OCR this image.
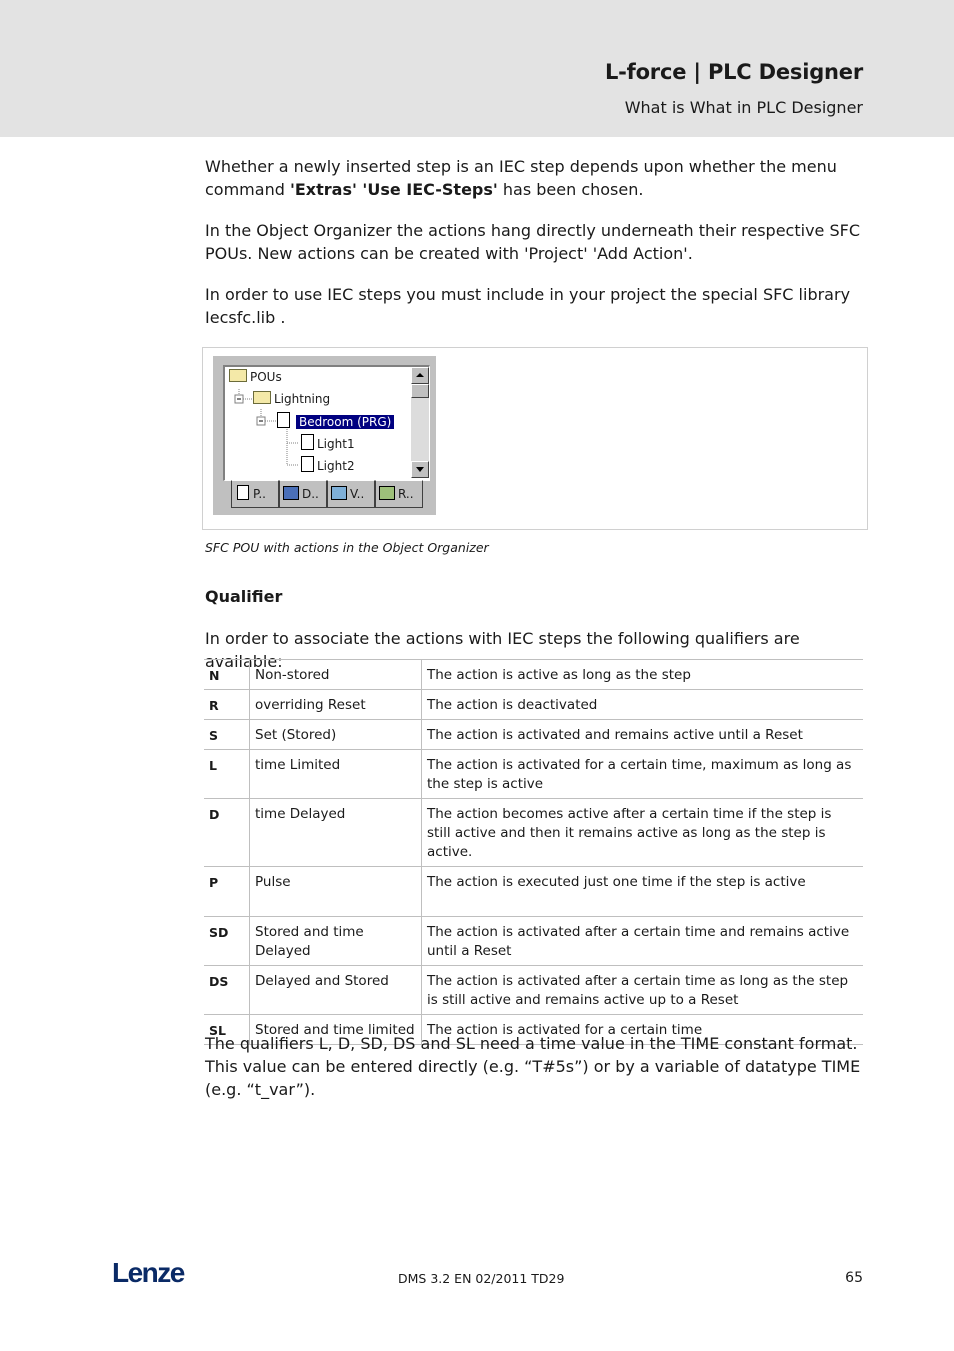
L-force | PLC Designer
What is What in PLC Designer
Whether a newly inserted step is an IEC step depends upon whether the menu command 'Extras' 'Use IEC-Steps' has been chosen.
In the Object Organizer the actions hang directly underneath their respective SFC POUs. New actions can be created with 'Project' 'Add Action'.
In order to use IEC steps you must include in your project the special SFC library Iecsfc.lib .
POUs
Lightning
Bedroom (PRG)
Light1
Light2
P..	D..	V..	R..
SFC POU with actions in the Object Organizer
Qualifier
In order to associate the actions with IEC steps the following qualifiers are available:
N	Non-stored	The action is active as long as the step
R	overriding Reset	The action is deactivated
S	Set (Stored)	The action is activated and remains active until a Reset
L	time Limited	The action is activated for a certain time, maximum as long as the step is active
D	time Delayed	The action becomes active after a certain time if the step is still active and then it remains active as long as the step is active.
P	Pulse	The action is executed just one time if the step is active
SD	Stored and time Delayed	The action is activated after a certain time and remains active until a Reset
DS	Delayed and Stored	The action is activated after a certain time as long as the step is still active and remains active up to a Reset
SL	Stored and time limited	The action is activated for a certain time
The qualifiers L, D, SD, DS and SL need a time value in the TIME constant format. This value can be entered directly (e.g. “T#5s”) or by a variable of datatype TIME (e.g. “t_var”).
Lenze	DMS 3.2 EN 02/2011 TD29	65
